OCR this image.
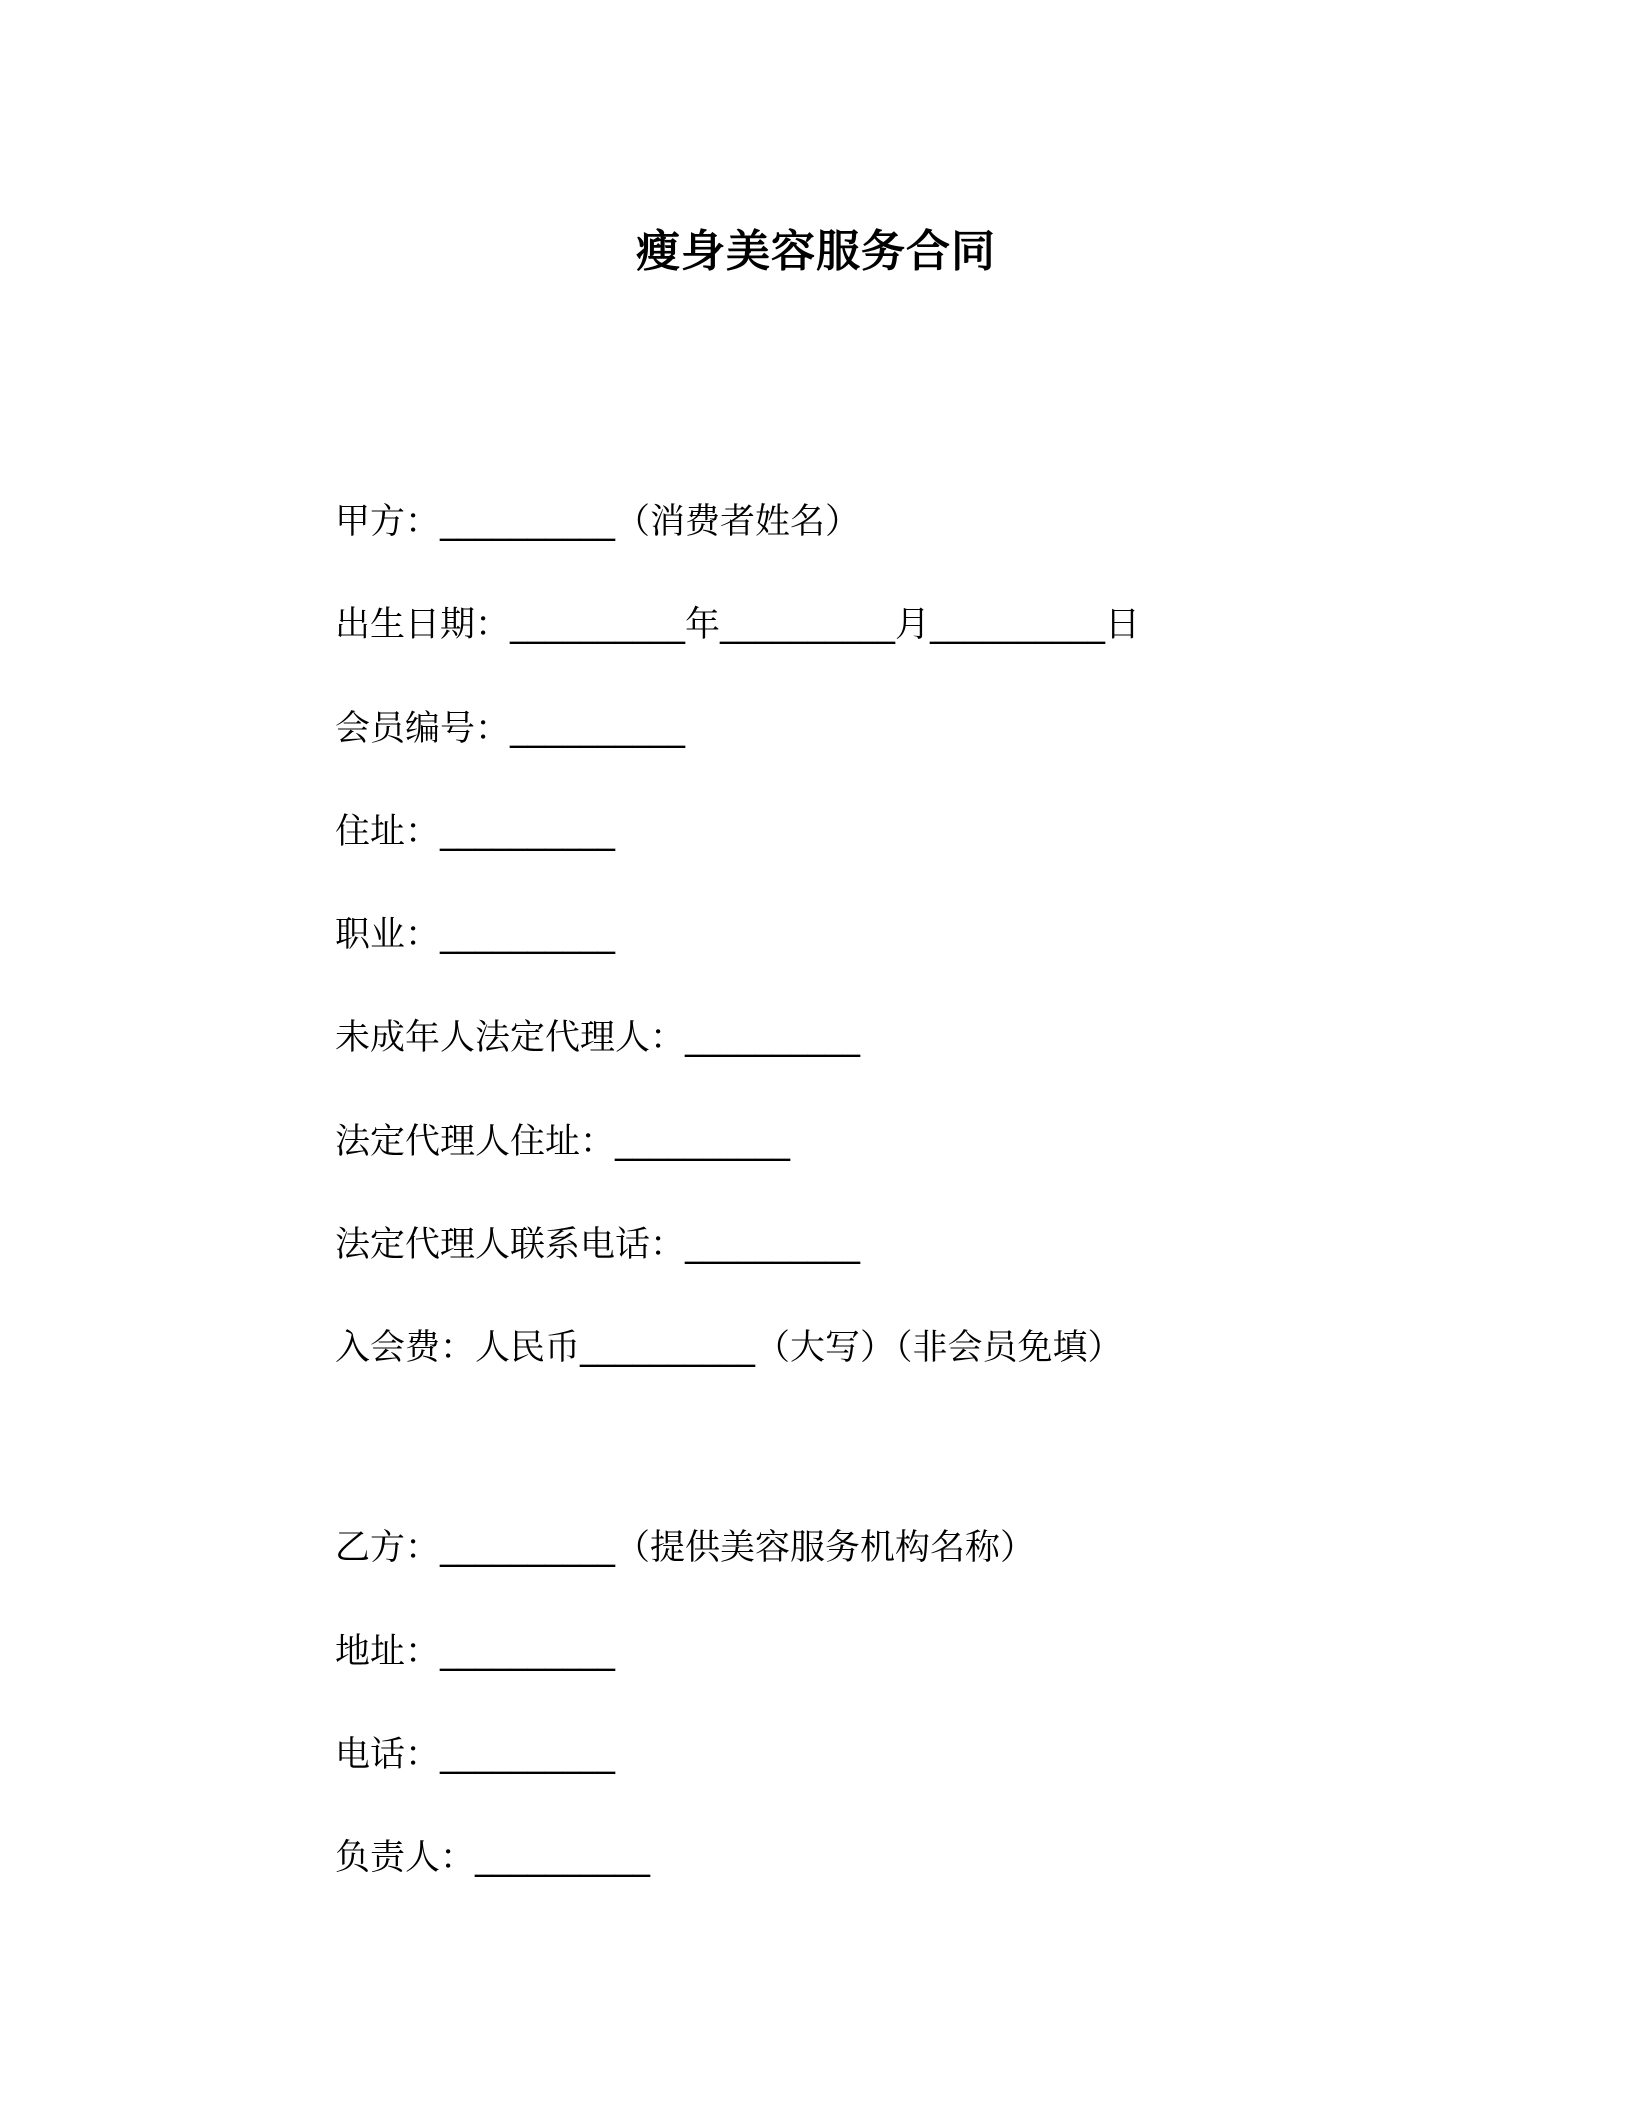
瘦身美容服务合同
甲方：__________（消费者姓名）
出生日期：__________年__________月__________日
会员编号：__________
住址：__________
职业：__________
未成年人法定代理人：__________
法定代理人住址：__________
法定代理人联系电话：__________
入会费：人民币__________（大写）（非会员免填）
乙方：__________（提供美容服务机构名称）
地址：__________
电话：__________
负责人：__________
